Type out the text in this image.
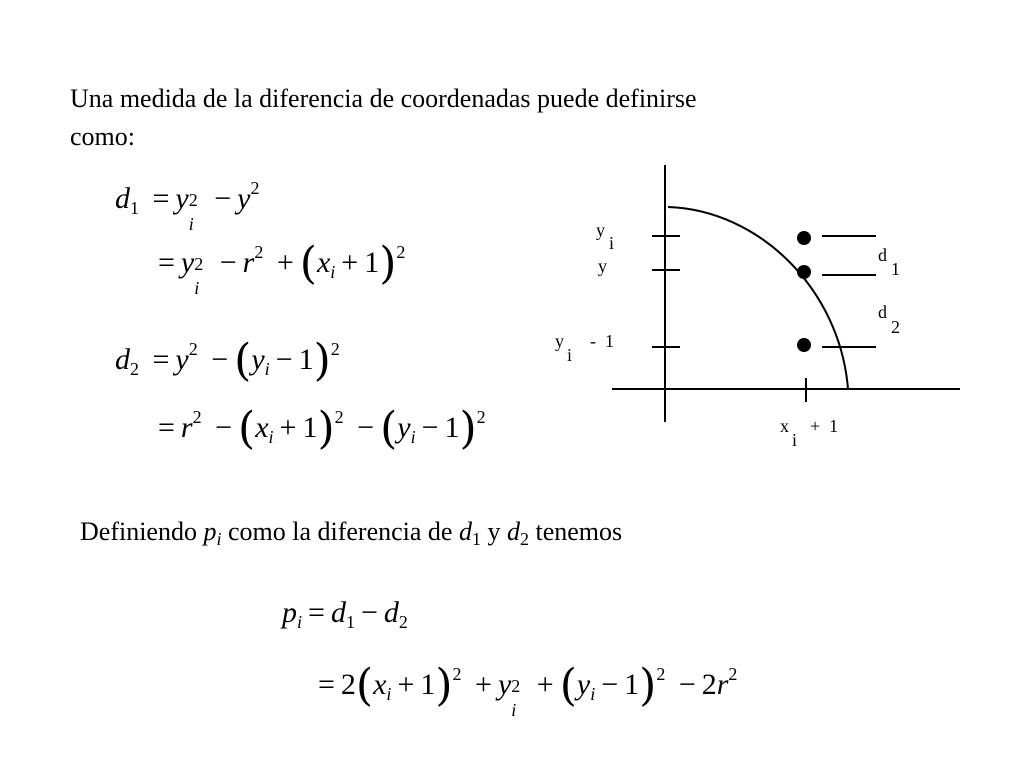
Una medida de la diferencia de coordenadas puede definirse
como:
$d_1 = y$ 2
i
− $y^2$
= y 2
i
− $r^2 + (x_i + 1)^2$
$d_2 = y^2 - (y_i - 1)^2$
= $r^2 - (x_i + 1)^2 - (y_i - 1)^2$
y
i
y
y
i
-  1
d
1
d
2
x
i
+  1
Definiendo pi como la diferencia de d1 y d2 tenemos
$p_i = d_1 - d_2$
= $2(x_i + 1)^2 + y$ 2
i
+ $(y_i - 1)^2 - 2r^2$
